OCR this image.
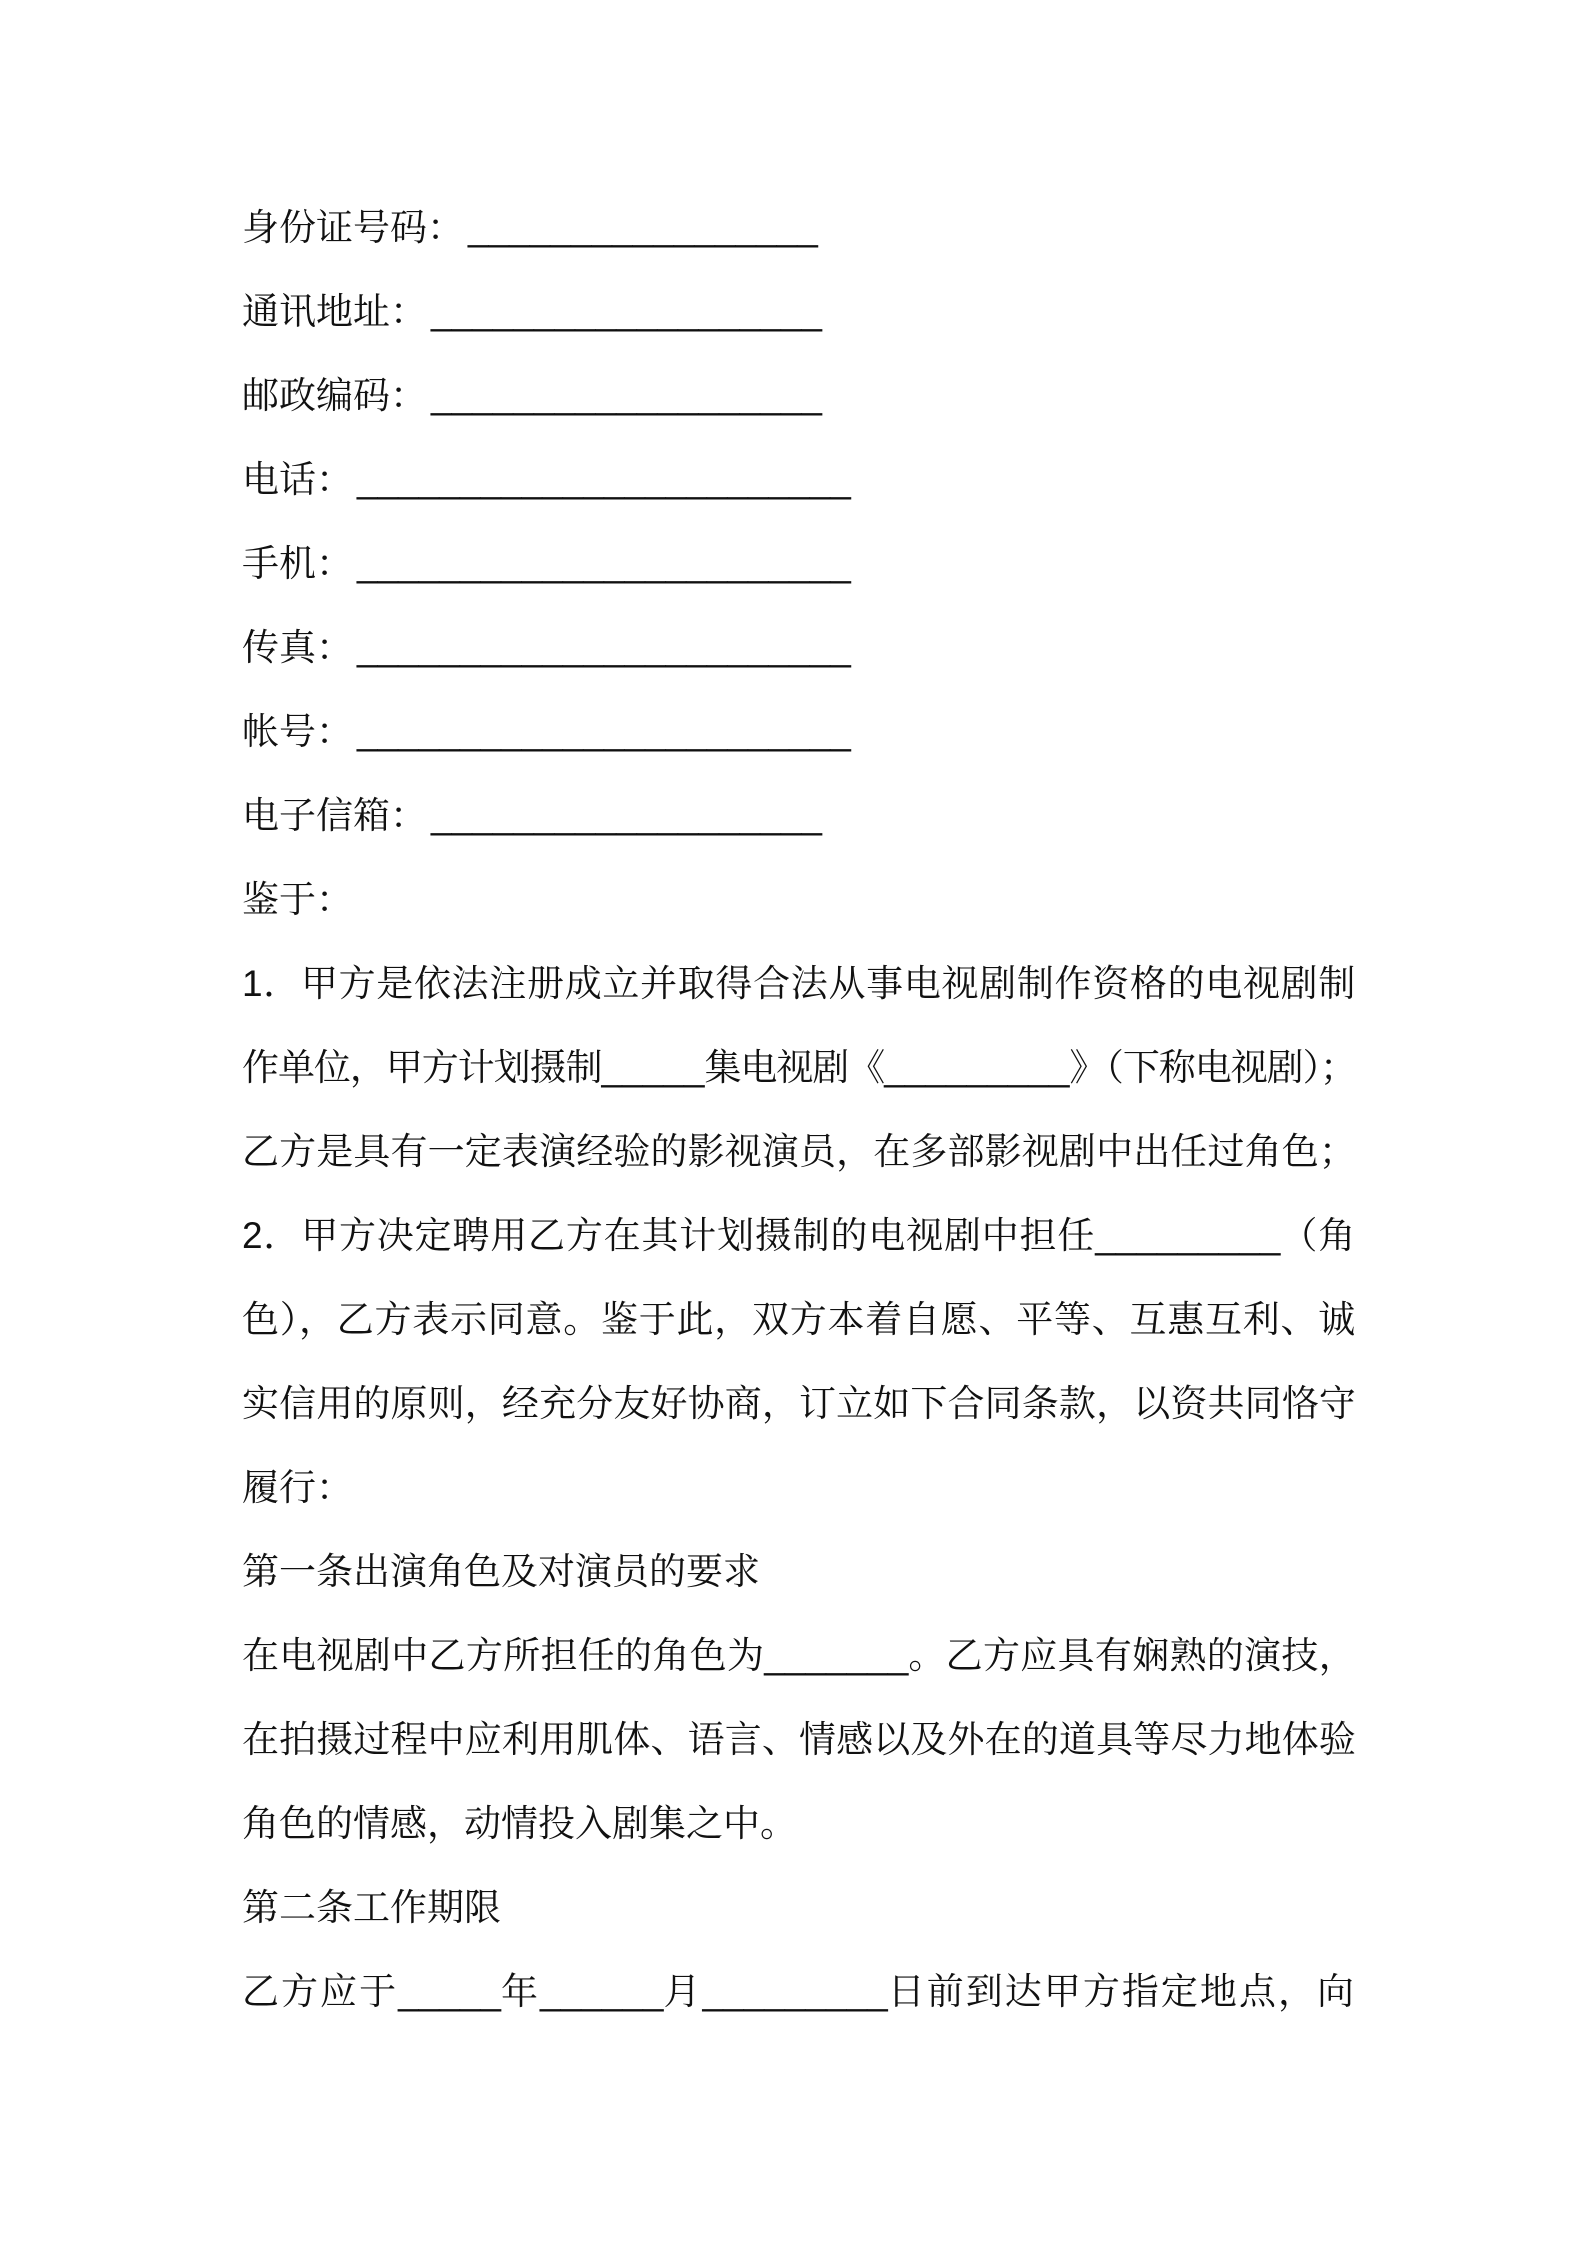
身份证号码： _________________
通讯地址： ___________________
邮政编码： ___________________
电话： ________________________
手机： ________________________
传真： ________________________
帐号： ________________________
电子信箱： ___________________
鉴于：
1．甲方是依法注册成立并取得合法从事电视剧制作资格的电视剧制
作单位，甲方计划摄制_____集电视剧《_________》（下称电视剧）；
乙方是具有一定表演经验的影视演员，在多部影视剧中出任过角色；
2．甲方决定聘用乙方在其计划摄制的电视剧中担任_________（角
色），乙方表示同意。鉴于此，双方本着自愿、平等、互惠互利、诚
实信用的原则，经充分友好协商，订立如下合同条款，以资共同恪守
履行：
第一条出演角色及对演员的要求
在电视剧中乙方所担任的角色为_______。乙方应具有娴熟的演技，
在拍摄过程中应利用肌体、语言、情感以及外在的道具等尽力地体验
角色的情感，动情投入剧集之中。
第二条工作期限
乙方应于_____年______月_________日前到达甲方指定地点，向
